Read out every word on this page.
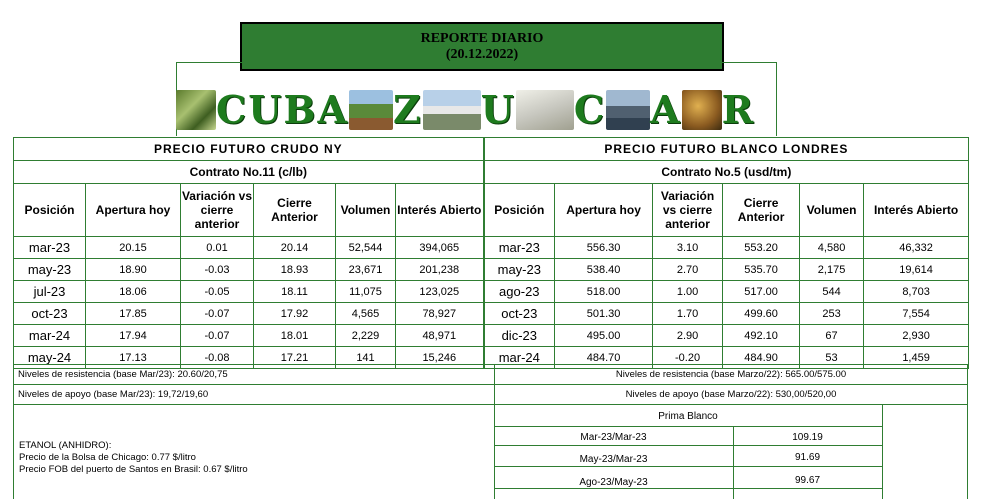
REPORTE DIARIO
(20.12.2022)
CUBA Z U C A R
PRECIO FUTURO CRUDO NY						PRECIO FUTURO BLANCO LONDRES					
Contrato No.11 (c/lb)						Contrato No.5 (usd/tm)					
Posición	Apertura hoy	Variación vs cierre anterior	Cierre Anterior	Volumen	Interés Abierto	Posición	Apertura hoy	Variación vs cierre anterior	Cierre Anterior	Volumen	Interés Abierto
mar-23	20.15	0.01	20.14	52,544	394,065	mar-23	556.30	3.10	553.20	4,580	46,332
may-23	18.90	-0.03	18.93	23,671	201,238	may-23	538.40	2.70	535.70	2,175	19,614
jul-23	18.06	-0.05	18.11	11,075	123,025	ago-23	518.00	1.00	517.00	544	8,703
oct-23	17.85	-0.07	17.92	4,565	78,927	oct-23	501.30	1.70	499.60	253	7,554
mar-24	17.94	-0.07	18.01	2,229	48,971	dic-23	495.00	2.90	492.10	67	2,930
may-24	17.13	-0.08	17.21	141	15,246	mar-24	484.70	-0.20	484.90	53	1,459
Niveles de resistencia (base Mar/23): 20.60/20,75
Niveles de apoyo (base Mar/23): 19,72/19,60
Niveles de resistencia (base Marzo/22): 565.00/575.00
Niveles de apoyo (base Marzo/22): 530,00/520,00
ETANOL (ANHIDRO):
Precio de la Bolsa de Chicago: 0.77 $/litro
Precio FOB del puerto de Santos en Brasil: 0.67 $/litro
Prima Blanco
Mar-23/Mar-23	109.19
May-23/Mar-23	91.69
Ago-23/May-23	99.67
